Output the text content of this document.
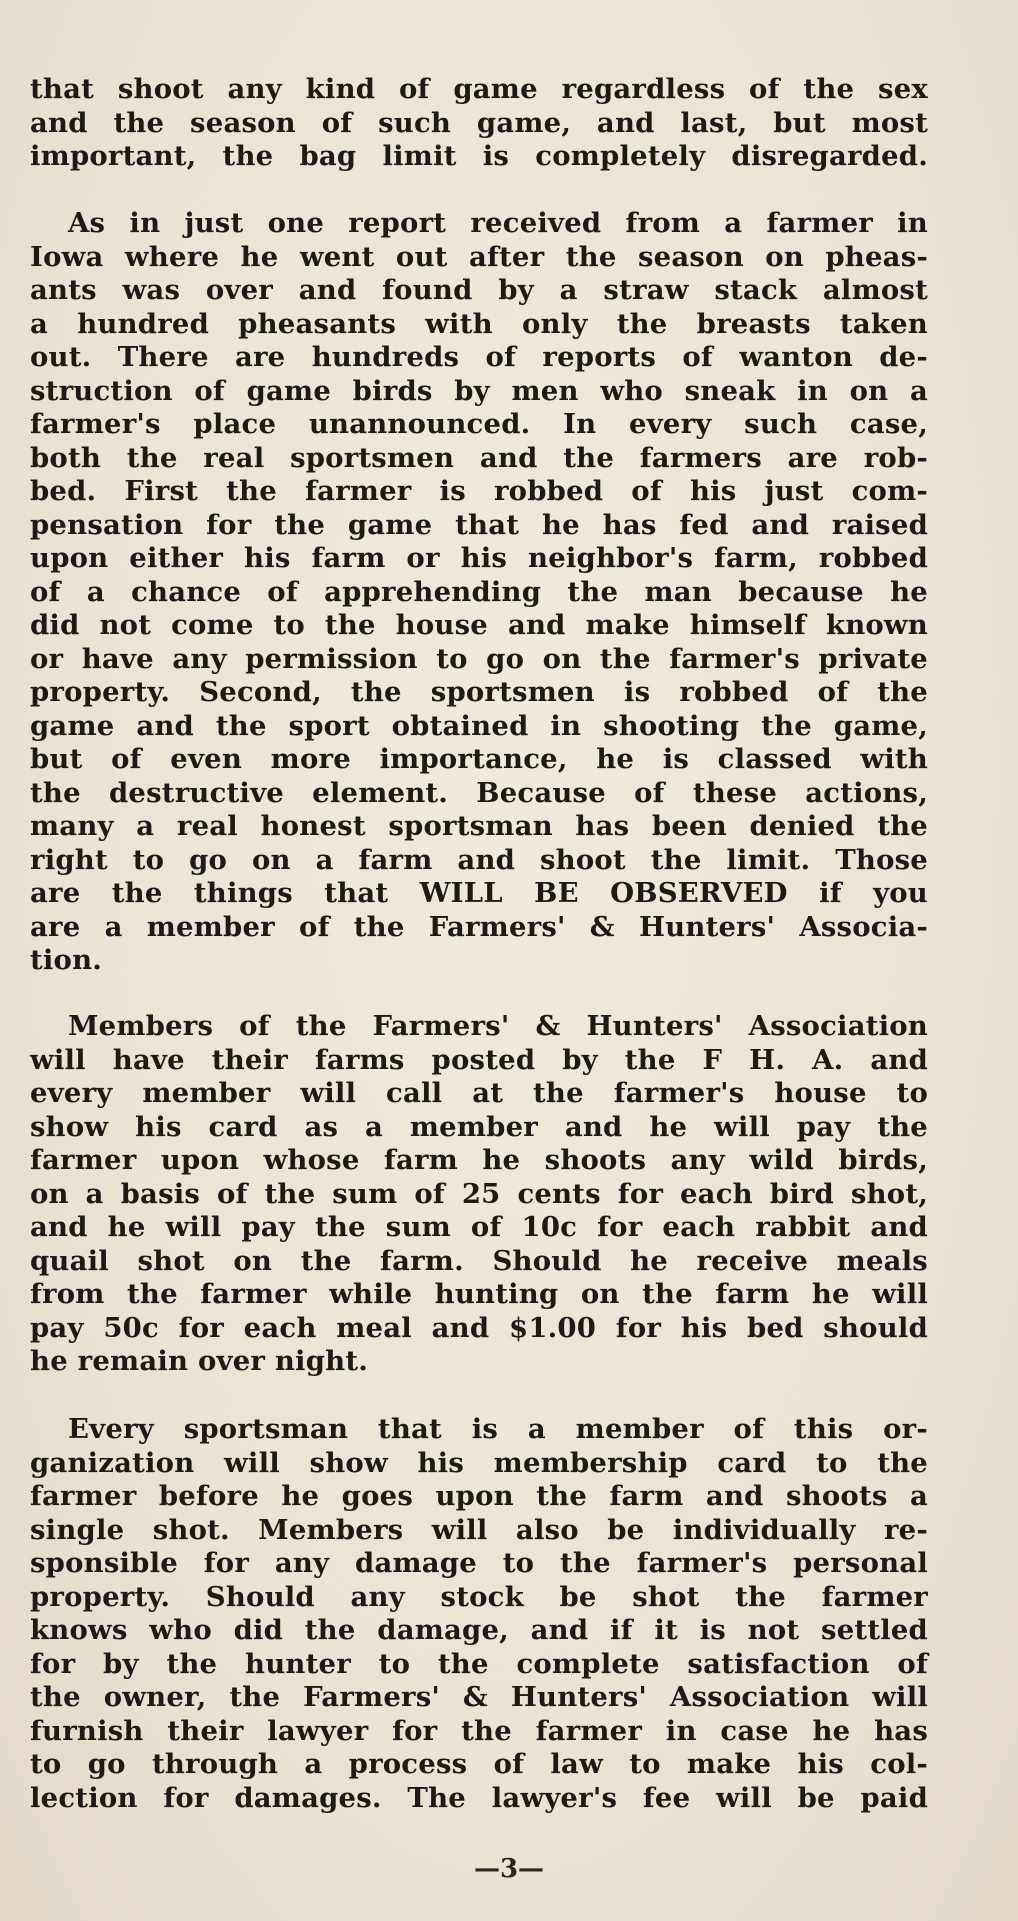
that shoot any kind of game regardless of the sex
and the season of such game, and last, but most
important, the bag limit is completely disregarded.
As in just one report received from a farmer in
Iowa where he went out after the season on pheas-
ants was over and found by a straw stack almost
a hundred pheasants with only the breasts taken
out. There are hundreds of reports of wanton de-
struction of game birds by men who sneak in on a
farmer's place unannounced. In every such case,
both the real sportsmen and the farmers are rob-
bed. First the farmer is robbed of his just com-
pensation for the game that he has fed and raised
upon either his farm or his neighbor's farm, robbed
of a chance of apprehending the man because he
did not come to the house and make himself known
or have any permission to go on the farmer's private
property. Second, the sportsmen is robbed of the
game and the sport obtained in shooting the game,
but of even more importance, he is classed with
the destructive element. Because of these actions,
many a real honest sportsman has been denied the
right to go on a farm and shoot the limit. Those
are the things that WILL BE OBSERVED if you
are a member of the Farmers' & Hunters' Associa-
tion.
Members of the Farmers' & Hunters' Association
will have their farms posted by the F H. A. and
every member will call at the farmer's house to
show his card as a member and he will pay the
farmer upon whose farm he shoots any wild birds,
on a basis of the sum of 25 cents for each bird shot,
and he will pay the sum of 10c for each rabbit and
quail shot on the farm. Should he receive meals
from the farmer while hunting on the farm he will
pay 50c for each meal and $1.00 for his bed should
he remain over night.
Every sportsman that is a member of this or-
ganization will show his membership card to the
farmer before he goes upon the farm and shoots a
single shot. Members will also be individually re-
sponsible for any damage to the farmer's personal
property. Should any stock be shot the farmer
knows who did the damage, and if it is not settled
for by the hunter to the complete satisfaction of
the owner, the Farmers' & Hunters' Association will
furnish their lawyer for the farmer in case he has
to go through a process of law to make his col-
lection for damages. The lawyer's fee will be paid
—3—
